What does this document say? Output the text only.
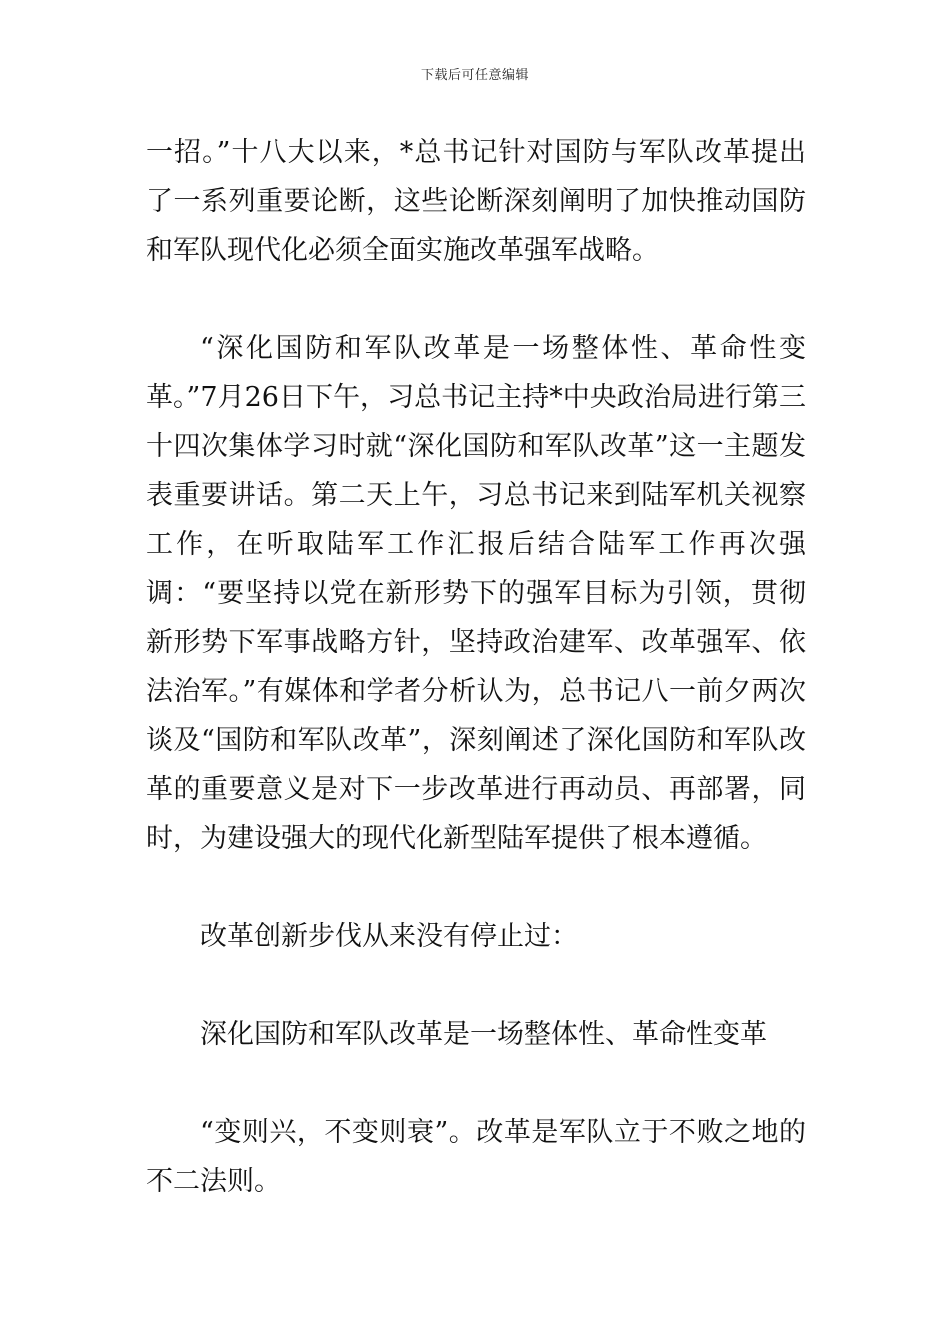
下载后可任意编辑

一招。”十八大以来，*总书记针对国防与军队改革提出了一系列重要论断，这些论断深刻阐明了加快推动国防和军队现代化必须全面实施改革强军战略。

“深化国防和军队改革是一场整体性、革命性变革。”7月26日下午，习总书记主持*中央政治局进行第三十四次集体学习时就“深化国防和军队改革”这一主题发表重要讲话。第二天上午，习总书记来到陆军机关视察工作，在听取陆军工作汇报后结合陆军工作再次强调：“要坚持以党在新形势下的强军目标为引领，贯彻新形势下军事战略方针，坚持政治建军、改革强军、依法治军。”有媒体和学者分析认为，总书记八一前夕两次谈及“国防和军队改革”，深刻阐述了深化国防和军队改革的重要意义是对下一步改革进行再动员、再部署，同时，为建设强大的现代化新型陆军提供了根本遵循。

改革创新步伐从来没有停止过：

深化国防和军队改革是一场整体性、革命性变革

“变则兴，不变则衰”。改革是军队立于不败之地的不二法则。
